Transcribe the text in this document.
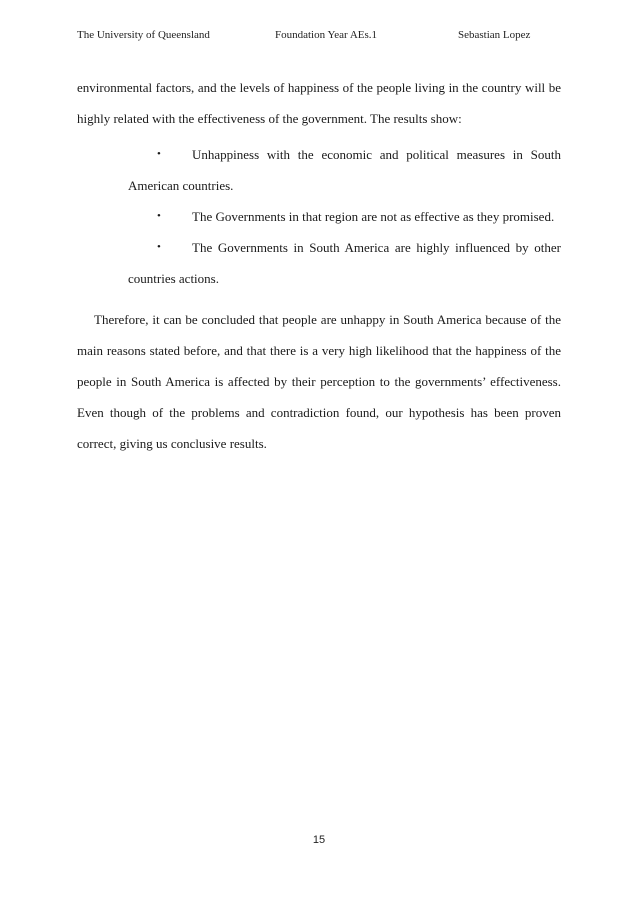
The University of Queensland	Foundation Year AEs.1	Sebastian Lopez
environmental factors, and the levels of happiness of the people living in the country will be
highly related with the effectiveness of the government. The results show:
• Unhappiness with the economic and political measures in South
American countries.
• The Governments in that region are not as effective as they promised.
• The Governments in South America are highly influenced by other
countries actions.
Therefore, it can be concluded that people are unhappy in South America because of the
main reasons stated before, and that there is a very high likelihood that the happiness of the
people in South America is affected by their perception to the governments’ effectiveness.
Even though of the problems and contradiction found, our hypothesis has been proven
correct, giving us conclusive results.
15
